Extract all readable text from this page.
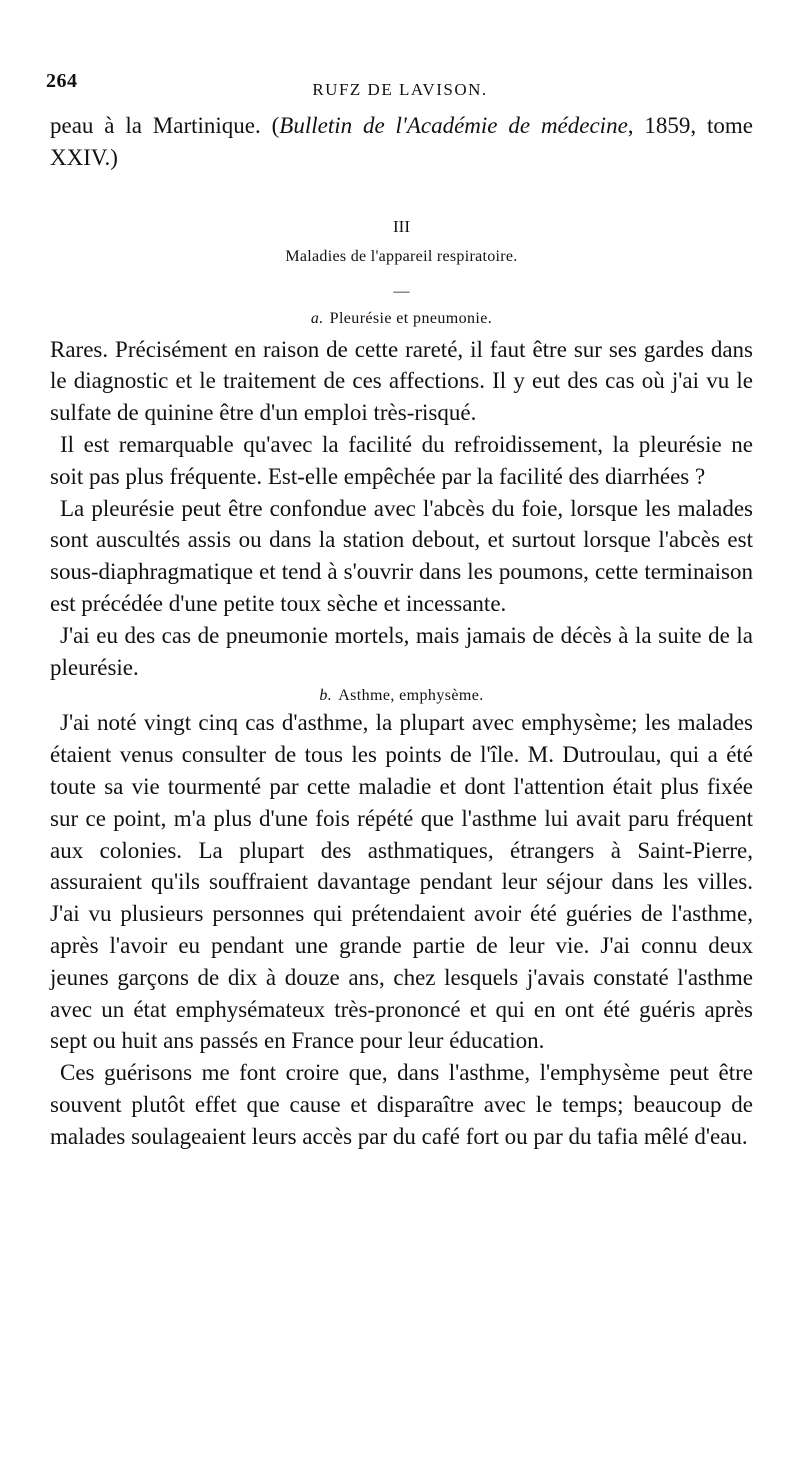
264	RUFZ DE LAVISON.

peau à la Martinique. (Bulletin de l'Académie de médecine, 1859, tome XXIV.)

III
Maladies de l'appareil respiratoire.
—
a. Pleurésie et pneumonie.

Rares. Précisément en raison de cette rareté, il faut être sur ses gardes dans le diagnostic et le traitement de ces affections. Il y eut des cas où j'ai vu le sulfate de quinine être d'un emploi très-risqué.

Il est remarquable qu'avec la facilité du refroidissement, la pleurésie ne soit pas plus fréquente. Est-elle empêchée par la facilité des diarrhées ?

La pleurésie peut être confondue avec l'abcès du foie, lorsque les malades sont auscultés assis ou dans la station debout, et surtout lorsque l'abcès est sous-diaphragmatique et tend à s'ouvrir dans les poumons, cette terminaison est précédée d'une petite toux sèche et incessante.

J'ai eu des cas de pneumonie mortels, mais jamais de décès à la suite de la pleurésie.

b. Asthme, emphysème.

J'ai noté vingt cinq cas d'asthme, la plupart avec emphysème; les malades étaient venus consulter de tous les points de l'île. M. Dutroulau, qui a été toute sa vie tourmenté par cette maladie et dont l'attention était plus fixée sur ce point, m'a plus d'une fois répété que l'asthme lui avait paru fréquent aux colonies. La plupart des asthmatiques, étrangers à Saint-Pierre, assuraient qu'ils souffraient davantage pendant leur séjour dans les villes. J'ai vu plusieurs personnes qui prétendaient avoir été guéries de l'asthme, après l'avoir eu pendant une grande partie de leur vie. J'ai connu deux jeunes garçons de dix à douze ans, chez lesquels j'avais constaté l'asthme avec un état emphysémateux très-prononcé et qui en ont été guéris après sept ou huit ans passés en France pour leur éducation.

Ces guérisons me font croire que, dans l'asthme, l'emphysème peut être souvent plutôt effet que cause et disparaître avec le temps; beaucoup de malades soulageaient leurs accès par du café fort ou par du tafia mêlé d'eau.
